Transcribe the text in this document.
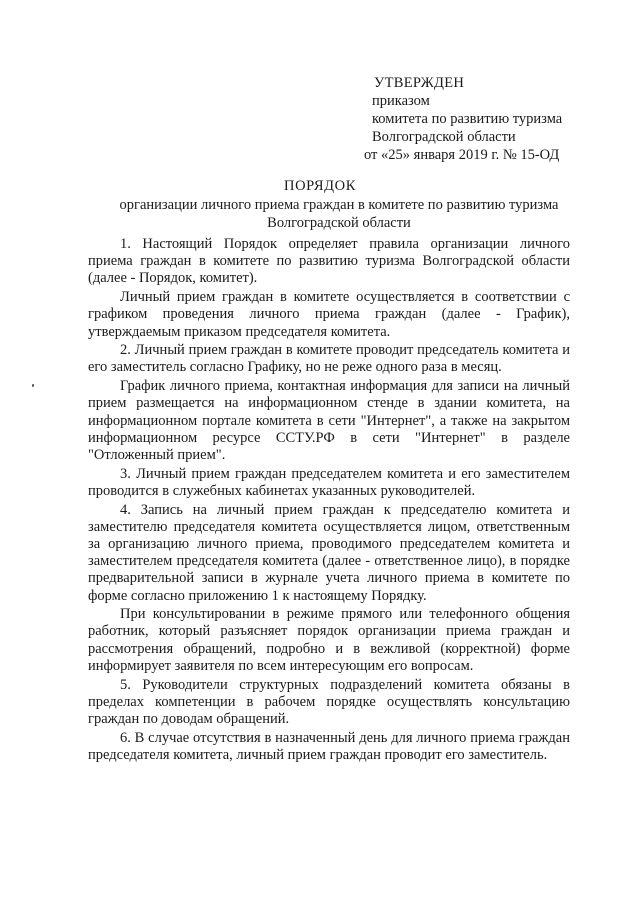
УТВЕРЖДЕН
приказом
комитета по развитию туризма
Волгоградской области
от «25» января 2019 г. № 15-ОД
ПОРЯДОК
организации личного приема граждан в комитете по развитию туризма Волгоградской области

1. Настоящий Порядок определяет правила организации личного приема граждан в комитете по развитию туризма Волгоградской области (далее - Порядок, комитет).

Личный прием граждан в комитете осуществляется в соответствии с графиком проведения личного приема граждан (далее - График), утверждаемым приказом председателя комитета.

2. Личный прием граждан в комитете проводит председатель комитета и его заместитель согласно Графику, но не реже одного раза в месяц.

График личного приема, контактная информация для записи на личный прием размещается на информационном стенде в здании комитета, на информационном портале комитета в сети "Интернет", а также на закрытом информационном ресурсе ССТУ.РФ в сети "Интернет" в разделе "Отложенный прием".

3. Личный прием граждан председателем комитета и его заместителем проводится в служебных кабинетах указанных руководителей.

4. Запись на личный прием граждан к председателю комитета и заместителю председателя комитета осуществляется лицом, ответственным за организацию личного приема, проводимого председателем комитета и заместителем председателя комитета (далее - ответственное лицо), в порядке предварительной записи в журнале учета личного приема в комитете по форме согласно приложению 1 к настоящему Порядку.

При консультировании в режиме прямого или телефонного общения работник, который разъясняет порядок организации приема граждан и рассмотрения обращений, подробно и в вежливой (корректной) форме информирует заявителя по всем интересующим его вопросам.

5. Руководители структурных подразделений комитета обязаны в пределах компетенции в рабочем порядке осуществлять консультацию граждан по доводам обращений.

6. В случае отсутствия в назначенный день для личного приема граждан председателя комитета, личный прием граждан проводит его заместитель.
